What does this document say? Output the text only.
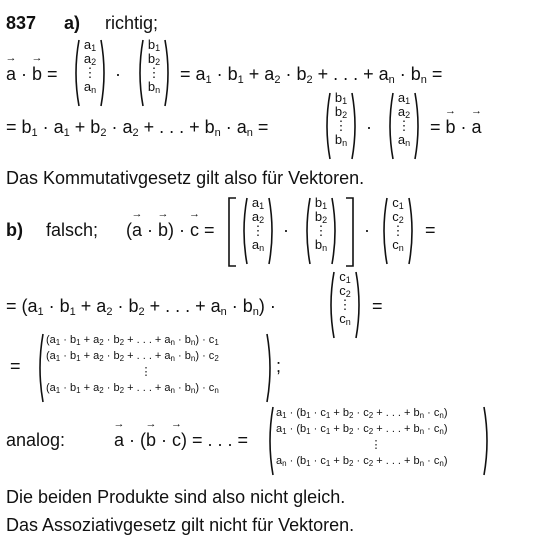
837 a) richtig;
→ a · → b =
$a_1$
$a_2$
⋮
$a_n$
·
$b_1$
$b_2$
⋮
$b_n$
= $a_1 \cdot b_1 + a_2 \cdot b_2$ + . . . + $a_n \cdot b_n$ =
= $b_1 \cdot a_1 + b_2 \cdot a_2$ + . . . + $b_n \cdot a_n$ =
$b_1$
$b_2$
⋮
$b_n$
·
$a_1$
$a_2$
⋮
$a_n$
= → b · → a
Das Kommutativgesetz gilt also für Vektoren.
b) falsch; (→ a · → b) · → c =
$a_1$
$a_2$
⋮
$a_n$
·
$b_1$
$b_2$
⋮
$b_n$
·
$c_1$
$c_2$
⋮
$c_n$
=
= ($a_1 \cdot b_1 + a_2 \cdot b_2$ + . . . + $a_n \cdot b_n$) ·
$c_1$
$c_2$
⋮
$c_n$
=
=
($a_1 \cdot b_1 + a_2 \cdot b_2$ + . . . + $a_n \cdot b_n) \cdot c_1$
($a_1 \cdot b_1 + a_2 \cdot b_2$ + . . . + $a_n \cdot b_n) \cdot c_2$
⋮
($a_1 \cdot b_1 + a_2 \cdot b_2$ + . . . + $a_n \cdot b_n) \cdot c_n$
;
analog:
→	a · (→ b · → c) = . . . =
$a_1 \cdot (b_1 \cdot c_1 + b_2 \cdot c_2$ + . . . + $b_n \cdot c_n$)
$a_1 \cdot (b_1 \cdot c_1 + b_2 \cdot c_2$ + . . . + $b_n \cdot c_n$)
⋮
$a_n \cdot (b_1 \cdot c_1 + b_2 \cdot c_2$ + . . . + $b_n \cdot c_n$)
Die beiden Produkte sind also nicht gleich.
Das Assoziativgesetz gilt nicht für Vektoren.
